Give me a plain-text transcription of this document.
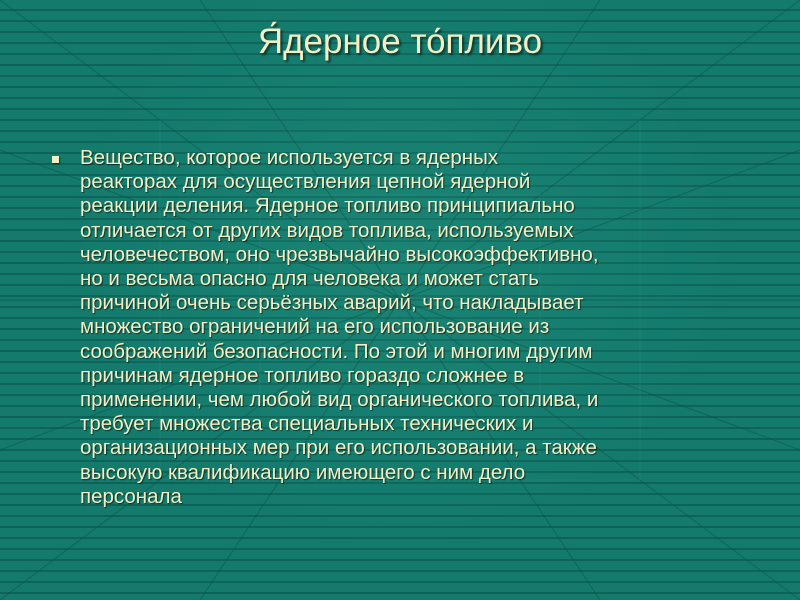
Я́дерное то́пливо
Вещество, которое используется в ядерных
реакторах для осуществления цепной ядерной
реакции деления. Ядерное топливо принципиально
отличается от других видов топлива, используемых
человечеством, оно чрезвычайно высокоэффективно,
но и весьма опасно для человека и может стать
причиной очень серьёзных аварий, что накладывает
множество ограничений на его использование из
соображений безопасности. По этой и многим другим
причинам ядерное топливо гораздо сложнее в
применении, чем любой вид органического топлива, и
требует множества специальных технических и
организационных мер при его использовании, а также
высокую квалификацию имеющего с ним дело
персонала
